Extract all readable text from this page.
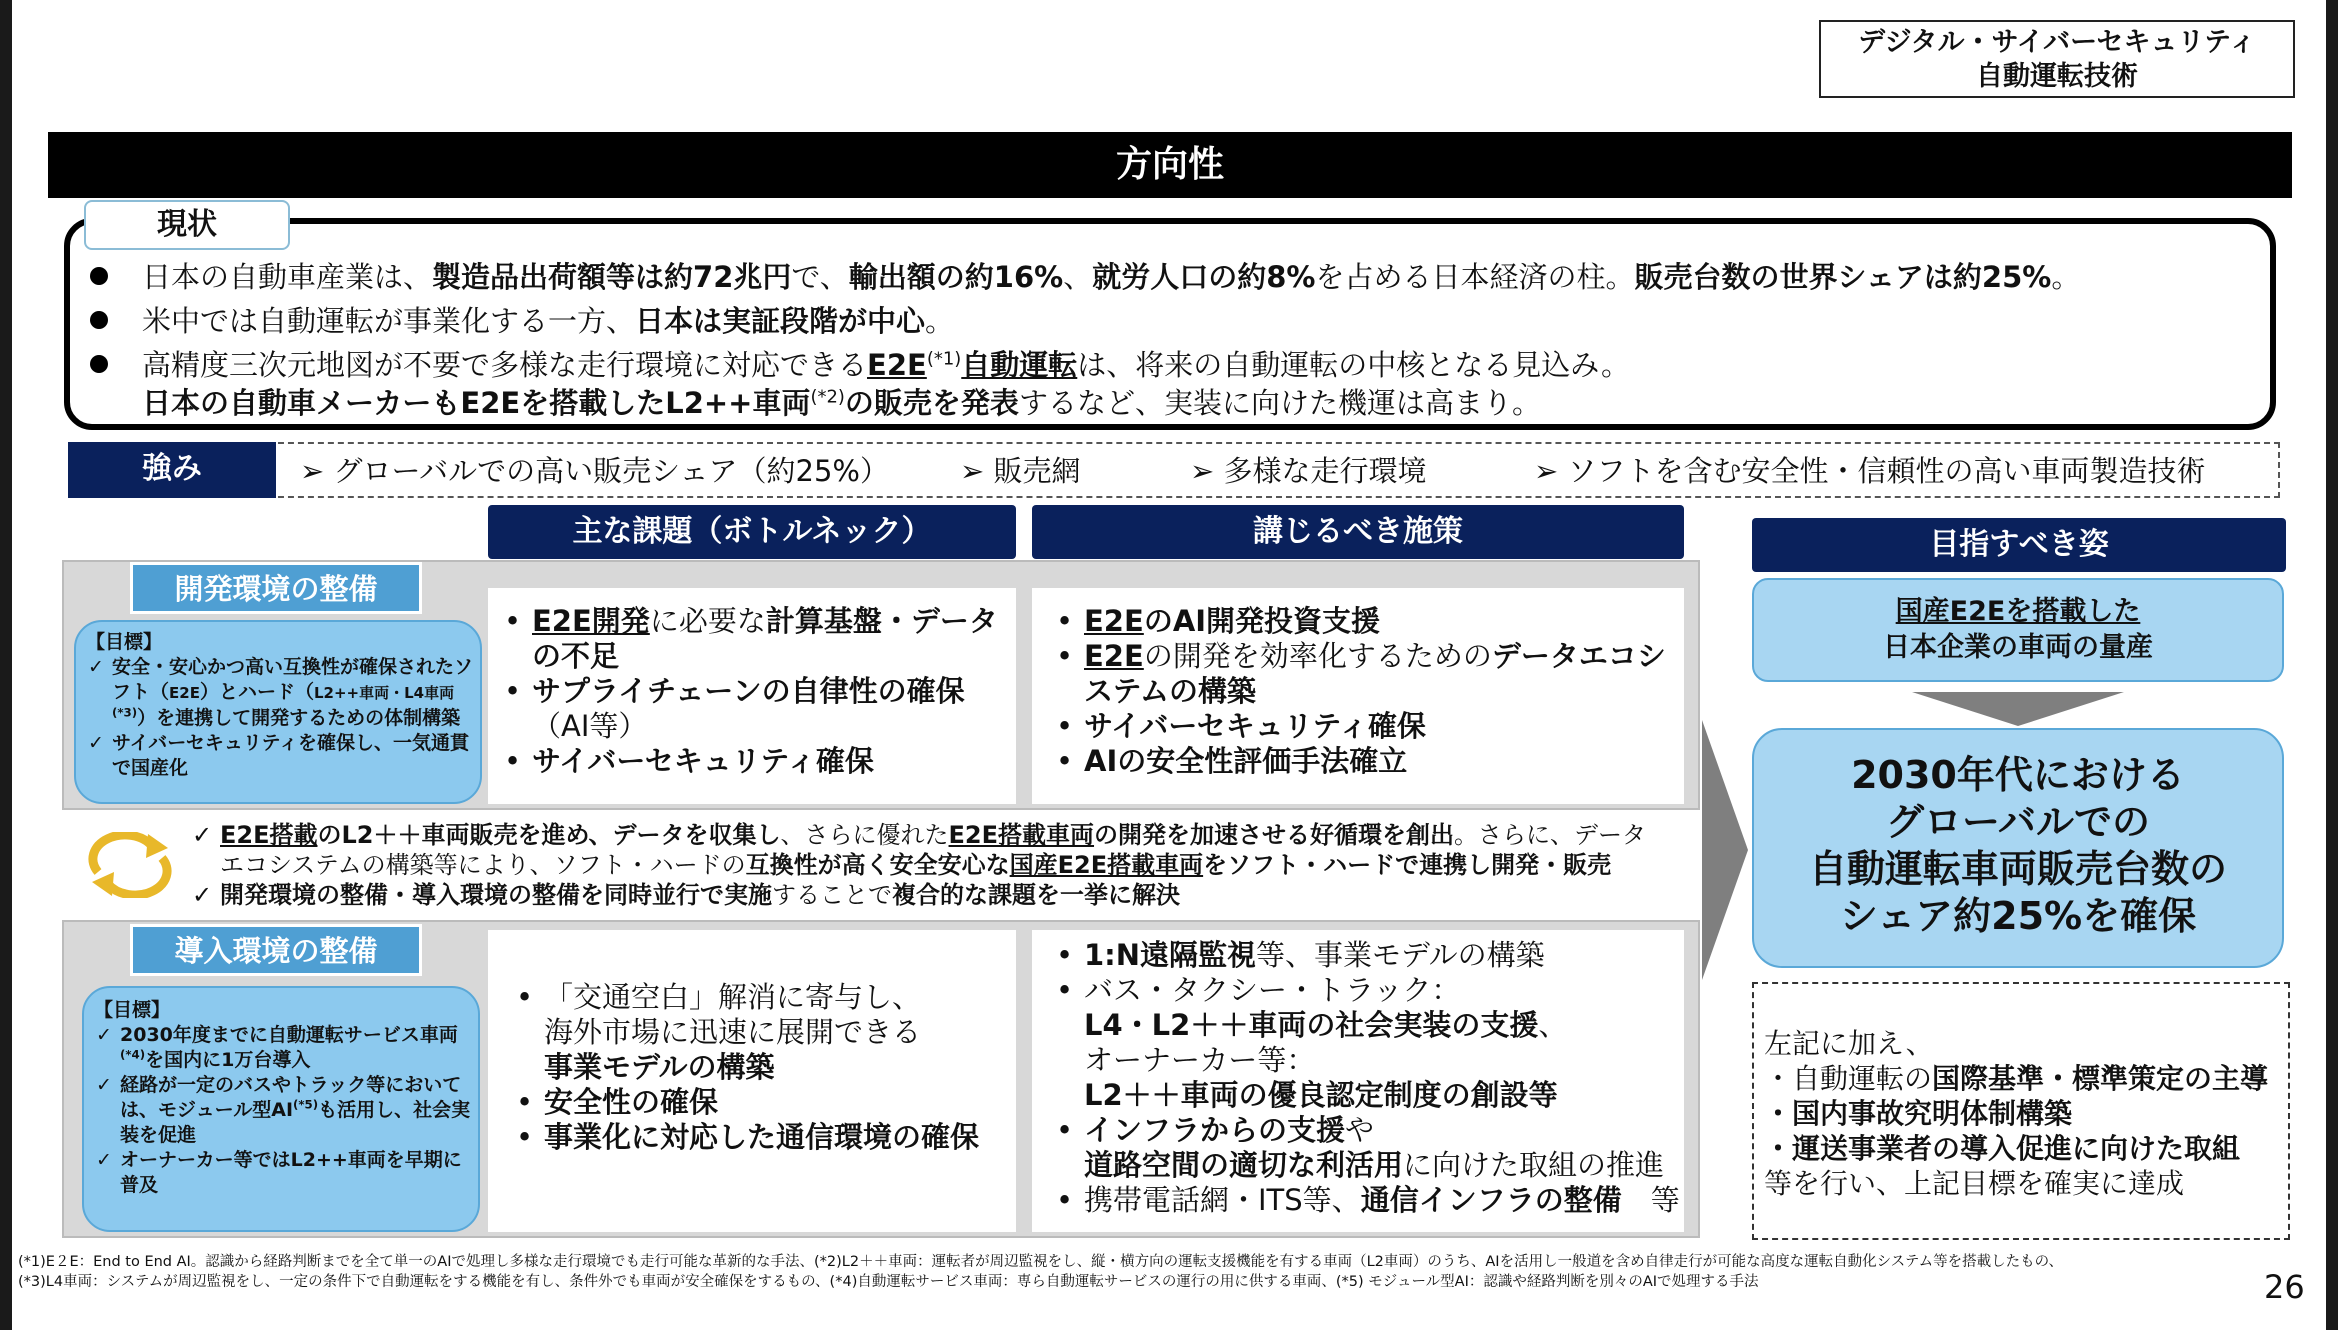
デジタル・サイバーセキュリティ
自動運転技術
方向性
現状
日本の自動車産業は、製造品出荷額等は約72兆円で、輸出額の約16%、就労人口の約8%を占める日本経済の柱。販売台数の世界シェアは約25%。
米中では自動運転が事業化する一方、日本は実証段階が中心。
高精度三次元地図が不要で多様な走行環境に対応できる$E2E^{(*1)}$自動運転は、将来の自動運転の中核となる見込み。
日本の自動車メーカーもE2Eを搭載したL2++車両$^{(*2)}$の販売を発表するなど、実装に向けた機運は高まり。
➢ グローバルでの高い販売シェア（約25%） ➢ 販売網	➢ 多様な走行環境	➢ ソフトを含む安全性・信頼性の高い車両製造技術
強み
主な課題（ボトルネック）	講じるべき施策	目指すべき姿
開発環境の整備
【目標】
✓ 安全・安心かつ高い互換性が確保されたソフト（E2E）とハード（L2++車両・L4車両$^{(*3)}$）を連携して開発するための体制構築
✓ サイバーセキュリティを確保し、一気通貫で国産化
• E2E開発に必要な計算基盤・データの不足
• サプライチェーンの自律性の確保
（AI等）
• サイバーセキュリティ確保
• E2EのAI開発投資支援
• E2Eの開発を効率化するためのデータエコシステムの構築
• サイバーセキュリティ確保
• AIの安全性評価手法確立
✓ E2E搭載のL2＋＋車両販売を進め、データを収集し、さらに優れたE2E搭載車両の開発を加速させる好循環を創出。さらに、データ
エコシステムの構築等により、ソフト・ハードの互換性が高く安全安心な国産E2E搭載車両をソフト・ハードで連携し開発・販売
✓ 開発環境の整備・導入環境の整備を同時並行で実施することで複合的な課題を一挙に解決
導入環境の整備
【目標】
✓ 2030年度までに自動運転サービス車両$^{(*4)}$を国内に1万台導入
✓ 経路が一定のバスやトラック等においては、モジュール型$AI^{(*5)}$も活用し、社会実装を促進
✓ オーナーカー等ではL2++車両を早期に普及
• 「交通空白」解消に寄与し、
海外市場に迅速に展開できる
事業モデルの構築
• 安全性の確保
• 事業化に対応した通信環境の確保
• 1:N遠隔監視等、事業モデルの構築
• バス・タクシー・トラック：
L4・L2＋＋車両の社会実装の支援、
オーナーカー等：
L2＋＋車両の優良認定制度の創設等
• インフラからの支援や
道路空間の適切な利活用に向けた取組の推進
• 携帯電話網・ITS等、通信インフラの整備　等
国産E2Eを搭載した
日本企業の車両の量産
2030年代における
グローバルでの
自動運転車両販売台数の
シェア約25%を確保
左記に加え、
・自動運転の国際基準・標準策定の主導
・国内事故究明体制構築
・運送事業者の導入促進に向けた取組
等を行い、上記目標を確実に達成
(*1)E２E：End to End AI。認識から経路判断までを全て単一のAIで処理し多様な走行環境でも走行可能な革新的な手法、(*2)L2＋＋車両：運転者が周辺監視をし、縦・横方向の運転支援機能を有する車両（L2車両）のうち、AIを活用し一般道を含め自律走行が可能な高度な運転自動化システム等を搭載したもの、
(*3)L4車両：システムが周辺監視をし、一定の条件下で自動運転をする機能を有し、条件外でも車両が安全確保をするもの、(*4)自動運転サービス車両：専ら自動運転サービスの運行の用に供する車両、(*5) モジュール型AI：認識や経路判断を別々のAIで処理する手法	26
